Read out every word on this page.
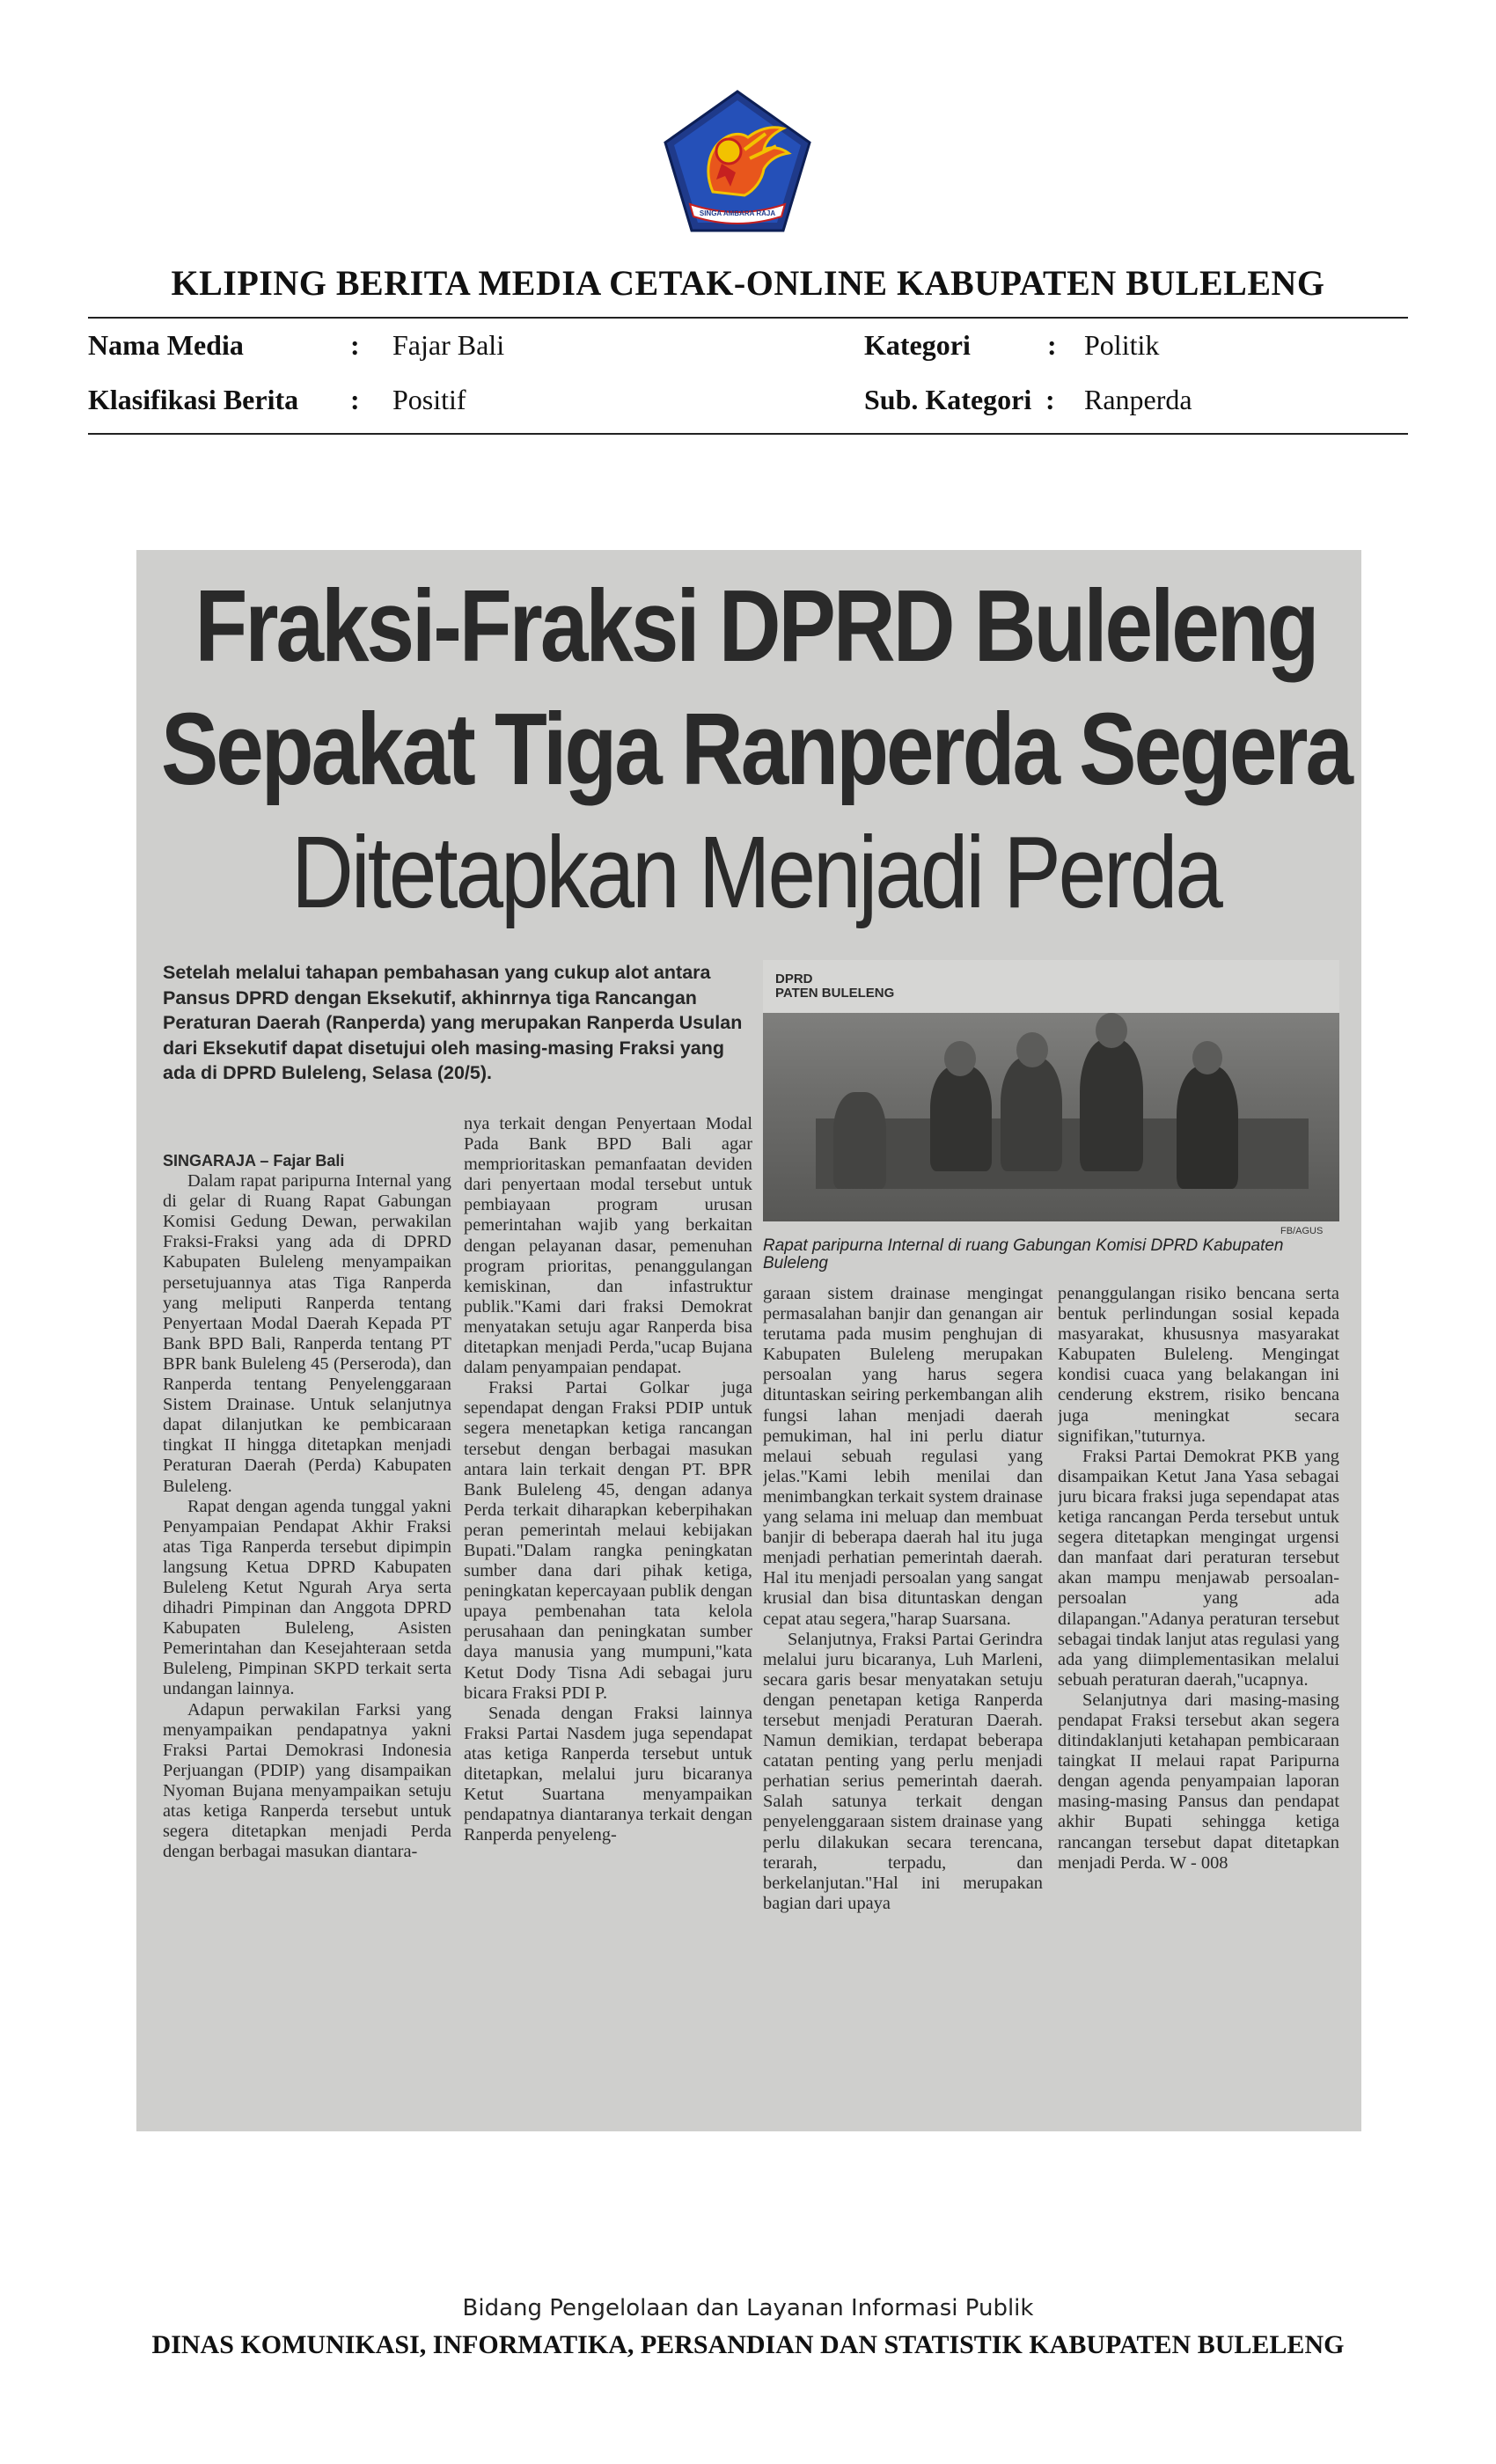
SINGA AMBARA RAJA
KLIPING BERITA MEDIA CETAK-ONLINE KABUPATEN BULELENG
Nama Media	: Fajar Bali	Kategori	: Politik
Klasifikasi Berita : Positif	Sub. Kategori : Ranperda
Fraksi-Fraksi DPRD Buleleng
Sepakat Tiga Ranperda Segera
Ditetapkan Menjadi Perda
Setelah melalui tahapan pembahasan yang cukup alot antara Pansus DPRD dengan Eksekutif, akhinrnya tiga Rancangan Peraturan Daerah (Ranperda) yang merupakan Ranperda Usulan dari Eksekutif dapat disetujui oleh masing-masing Fraksi yang ada di DPRD Buleleng, Selasa (20/5).
DPRD
PATEN BULELENG
FB/AGUS
Rapat paripurna Internal di ruang Gabungan Komisi DPRD Kabupaten Buleleng

SINGARAJA – Fajar Bali

Dalam rapat paripurna Internal yang di gelar di Ruang Rapat Gabungan Komisi Gedung Dewan, perwakilan Fraksi-Fraksi yang ada di DPRD Kabupaten Buleleng menyampaikan persetujuannya atas Tiga Ranperda yang meliputi Ranperda tentang Penyertaan Modal Daerah Kepada PT Bank BPD Bali, Ranperda tentang PT BPR bank Buleleng 45 (Perseroda), dan Ranperda tentang Penyelenggaraan Sistem Drainase. Untuk selanjutnya dapat dilanjutkan ke pembicaraan tingkat II hingga ditetapkan menjadi Peraturan Daerah (Perda) Kabupaten Buleleng.

Rapat dengan agenda tunggal yakni Penyampaian Pendapat Akhir Fraksi atas Tiga Ranperda tersebut dipimpin langsung Ketua DPRD Kabupaten Buleleng Ketut Ngurah Arya serta dihadri Pimpinan dan Anggota DPRD Kabupaten Buleleng, Asisten Pemerintahan dan Kesejahteraan setda Buleleng, Pimpinan SKPD terkait serta undangan lainnya.

Adapun perwakilan Farksi yang menyampaikan pendapatnya yakni Fraksi Partai Demokrasi Indonesia Perjuangan (PDIP) yang disampaikan Nyoman Bujana menyampaikan setuju atas ketiga Ranperda tersebut untuk segera ditetapkan menjadi Perda dengan berbagai masukan diantara-

nya terkait dengan Penyertaan Modal Pada Bank BPD Bali agar memprioritaskan pemanfaatan deviden dari penyertaan modal tersebut untuk pembiayaan program urusan pemerintahan wajib yang berkaitan dengan pelayanan dasar, pemenuhan program prioritas, penanggulangan kemiskinan, dan infastruktur publik."Kami dari fraksi Demokrat menyatakan setuju agar Ranperda bisa ditetapkan menjadi Perda,"ucap Bujana dalam penyampaian pendapat.

Fraksi Partai Golkar juga sependapat dengan Fraksi PDIP untuk segera menetapkan ketiga rancangan tersebut dengan berbagai masukan antara lain terkait dengan PT. BPR Bank Buleleng 45, dengan adanya Perda terkait diharapkan keberpihakan peran pemerintah melaui kebijakan Bupati."Dalam rangka peningkatan sumber dana dari pihak ketiga, peningkatan kepercayaan publik dengan upaya pembenahan tata kelola perusahaan dan peningkatan sumber daya manusia yang mumpuni,"kata Ketut Dody Tisna Adi sebagai juru bicara Fraksi PDI P.

Senada dengan Fraksi lainnya Fraksi Partai Nasdem juga sependapat atas ketiga Ranperda tersebut untuk ditetapkan, melalui juru bicaranya Ketut Suartana menyampaikan pendapatnya diantaranya terkait dengan Ranperda penyeleng-

garaan sistem drainase mengingat permasalahan banjir dan genangan air terutama pada musim penghujan di Kabupaten Buleleng merupakan persoalan yang harus segera dituntaskan seiring perkembangan alih fungsi lahan menjadi daerah pemukiman, hal ini perlu diatur melaui sebuah regulasi yang jelas."Kami lebih menilai dan menimbangkan terkait system drainase yang selama ini meluap dan membuat banjir di beberapa daerah hal itu juga menjadi perhatian pemerintah daerah. Hal itu menjadi persoalan yang sangat krusial dan bisa dituntaskan dengan cepat atau segera,"harap Suarsana.

Selanjutnya, Fraksi Partai Gerindra melalui juru bicaranya, Luh Marleni, secara garis besar menyatakan setuju dengan penetapan ketiga Ranperda tersebut menjadi Peraturan Daerah. Namun demikian, terdapat beberapa catatan penting yang perlu menjadi perhatian serius pemerintah daerah. Salah satunya terkait dengan penyelenggaraan sistem drainase yang perlu dilakukan secara terencana, terarah, terpadu, dan berkelanjutan."Hal ini merupakan bagian dari upaya

penanggulangan risiko bencana serta bentuk perlindungan sosial kepada masyarakat, khususnya masyarakat Kabupaten Buleleng. Mengingat kondisi cuaca yang belakangan ini cenderung ekstrem, risiko bencana juga meningkat secara signifikan,"tuturnya.

Fraksi Partai Demokrat PKB yang disampaikan Ketut Jana Yasa sebagai juru bicara fraksi juga sependapat atas ketiga rancangan Perda tersebut untuk segera ditetapkan mengingat urgensi dan manfaat dari peraturan tersebut akan mampu menjawab persoalan-persoalan yang ada dilapangan."Adanya peraturan tersebut sebagai tindak lanjut atas regulasi yang ada yang diimplementasikan melalui sebuah peraturan daerah,"ucapnya.

Selanjutnya dari masing-masing pendapat Fraksi tersebut akan segera ditindaklanjuti ketahapan pembicaraan taingkat II melaui rapat Paripurna dengan agenda penyampaian laporan masing-masing Pansus dan pendapat akhir Bupati sehingga ketiga rancangan tersebut dapat ditetapkan menjadi Perda. W - 008

Bidang Pengelolaan dan Layanan Informasi Publik
DINAS KOMUNIKASI, INFORMATIKA, PERSANDIAN DAN STATISTIK KABUPATEN BULELENG
